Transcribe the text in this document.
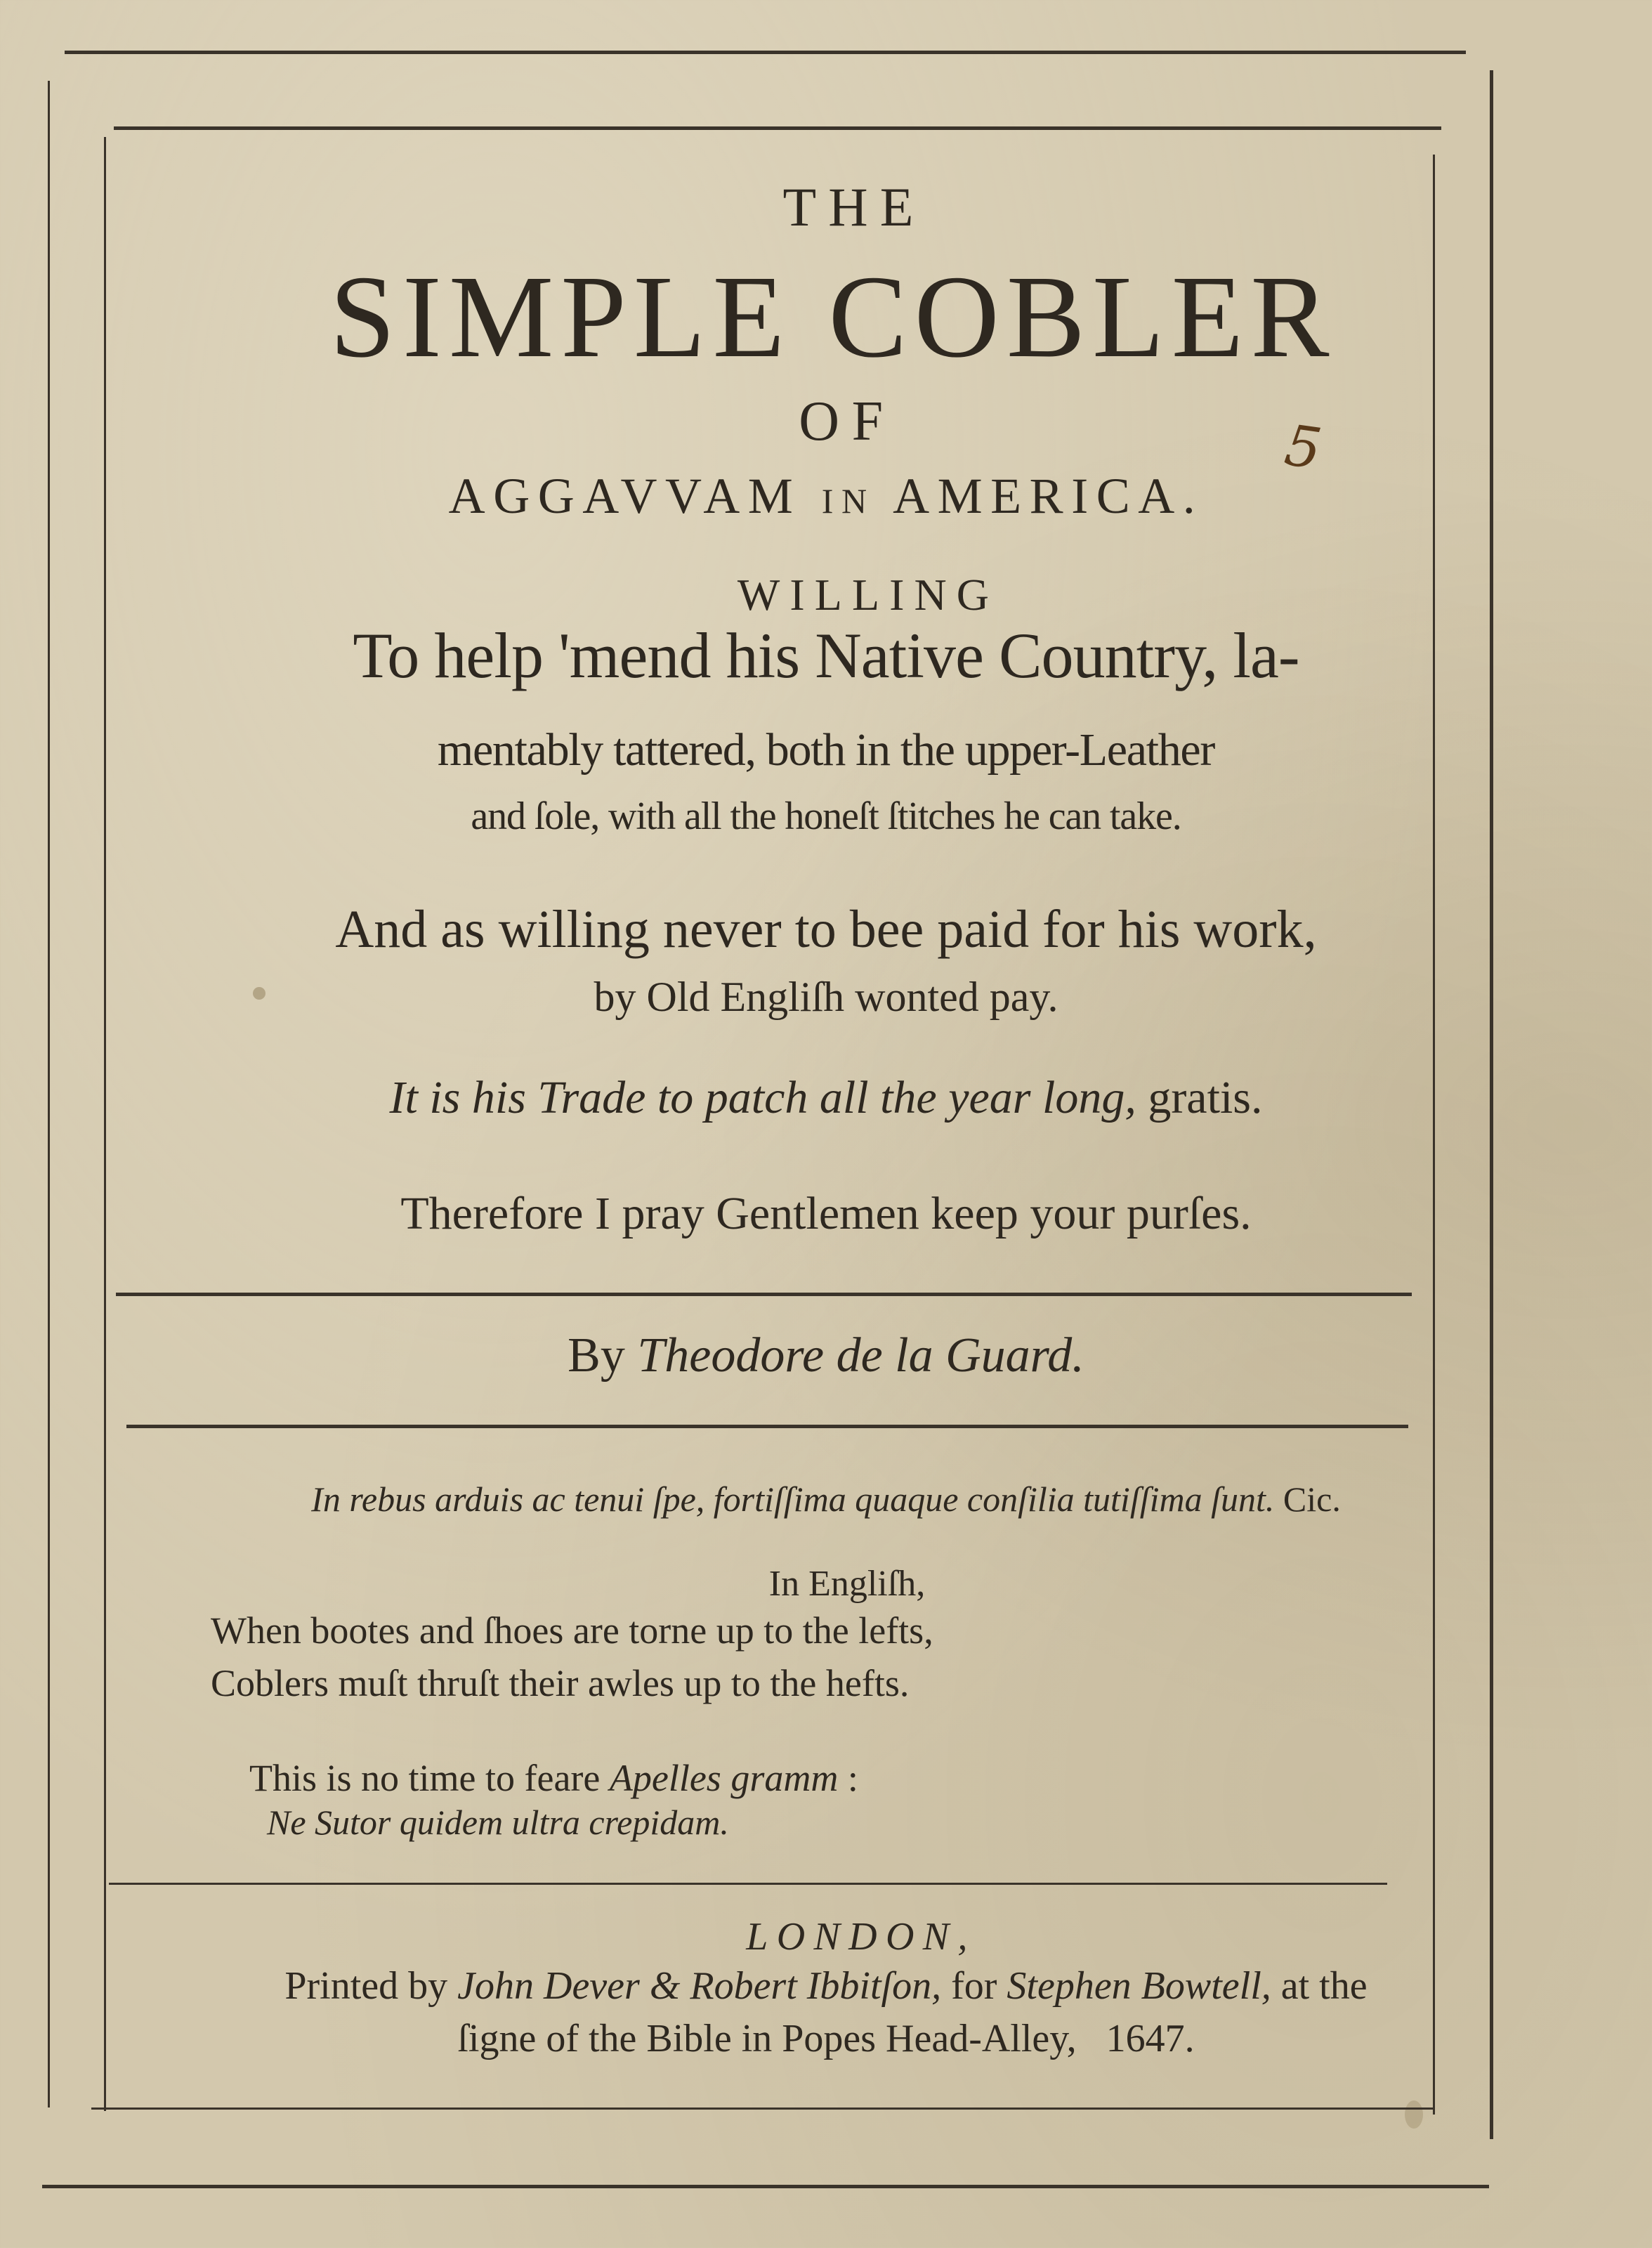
THE
SIMPLE COBLER
OF
AGGAVVAM in AMERICA.
5
WILLING
To help 'mend his Native Country, la-
mentably tattered, both in the upper-Leather
and ſole, with all the honeſt ſtitches he can take.
And as willing never to bee paid for his work,
by Old Engliſh wonted pay.
It is his Trade to patch all the year long, gratis.
Therefore I pray Gentlemen keep your purſes.
By Theodore de la Guard.
In rebus arduis ac tenui ſpe, fortiſſima quaque conſilia tutiſſima ſunt. Cic.
In Engliſh,
When bootes and ſhoes are torne up to the lefts,
Coblers muſt thruſt their awles up to the hefts.
This is no time to feare Apelles gramm :
Ne Sutor quidem ultra crepidam.
LONDON,
Printed by John Dever & Robert Ibbitſon, for Stephen Bowtell, at the
ſigne of the Bible in Popes Head-Alley, 1647.
